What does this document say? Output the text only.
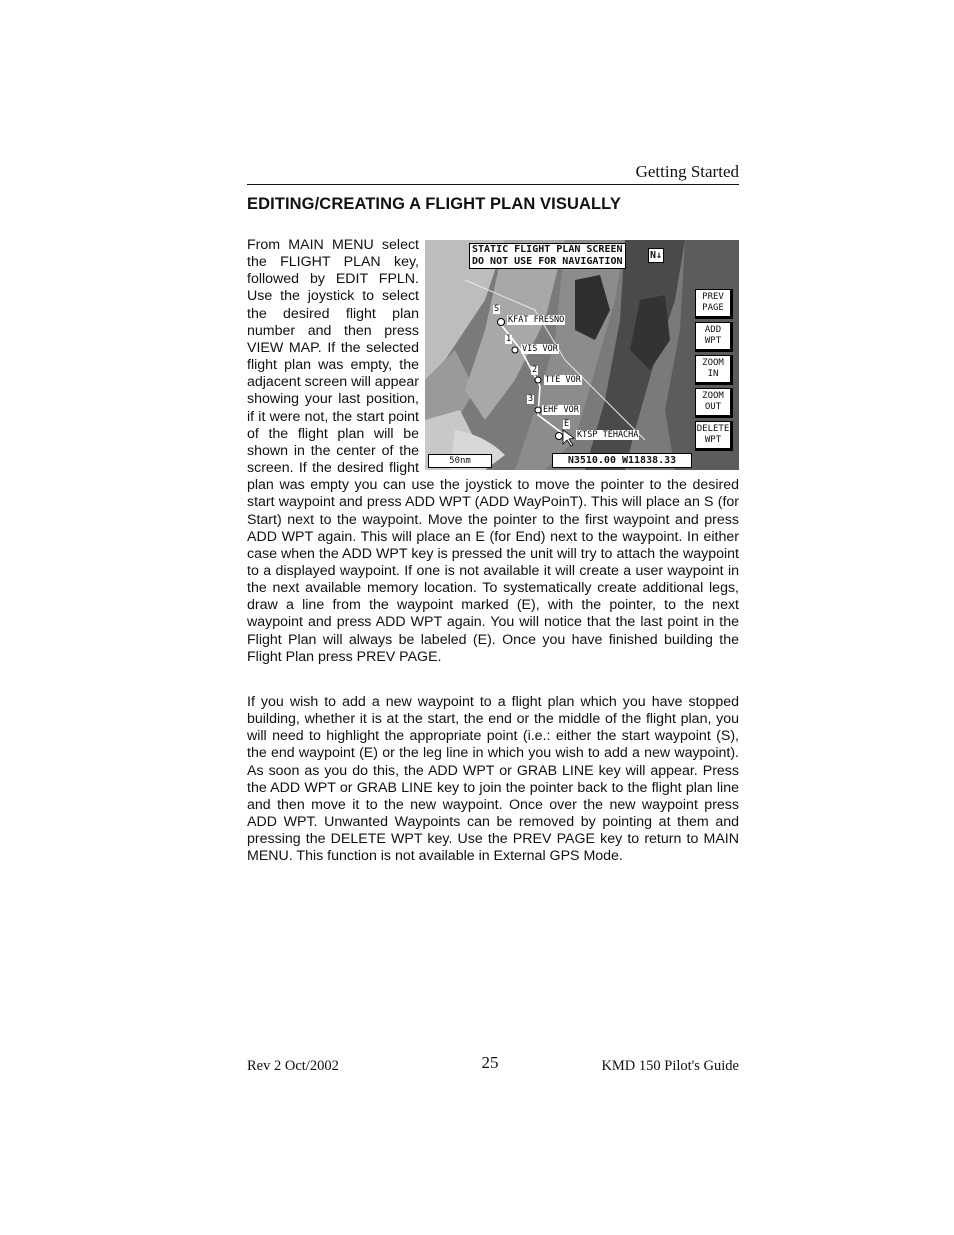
Getting Started
EDITING/CREATING A FLIGHT PLAN VISUALLY
STATIC FLIGHT PLAN SCREEN
DO NOT USE FOR NAVIGATION
N↓
PREV
PAGE
ADD
WPT
ZOOM
IN
ZOOM
OUT
DELETE
WPT
S
KFAT FRESNO
1
VIS VOR
2
TTE VOR
3
EHF VOR
E
KTSP TEHACHA
50nm	N3510.00 W11838.33
From MAIN MENU select the FLIGHT PLAN key, followed by EDIT FPLN. Use the joystick to select the desired flight plan number and then press VIEW MAP. If the selected flight plan was empty, the adjacent screen will appear showing your last position, if it were not, the start point of the flight plan will be shown in the center of the screen. If the desired flight plan was empty you can use the joystick to move the pointer to the desired start waypoint and press ADD WPT (ADD WayPoinT). This will place an S (for Start) next to the waypoint. Move the pointer to the first waypoint and press ADD WPT again. This will place an E (for End) next to the waypoint. In either case when the ADD WPT key is pressed the unit will try to attach the waypoint to a displayed waypoint. If one is not available it will create a user waypoint in the next available memory location. To systematically create additional legs, draw a line from the waypoint marked (E), with the pointer, to the next waypoint and press ADD WPT again. You will notice that the last point in the Flight Plan will always be labeled (E). Once you have finished building the Flight Plan press PREV PAGE.

If you wish to add a new waypoint to a flight plan which you have stopped building, whether it is at the start, the end or the middle of the flight plan, you will need to highlight the appropriate point (i.e.: either the start waypoint (S), the end waypoint (E) or the leg line in which you wish to add a new waypoint). As soon as you do this, the ADD WPT or GRAB LINE key will appear. Press the ADD WPT or GRAB LINE key to join the pointer back to the flight plan line and then move it to the new waypoint. Once over the new waypoint press ADD WPT. Unwanted Waypoints can be removed by pointing at them and pressing the DELETE WPT key. Use the PREV PAGE key to return to MAIN MENU. This function is not available in External GPS Mode.

Rev 2 Oct/2002	25	KMD 150 Pilot's Guide
